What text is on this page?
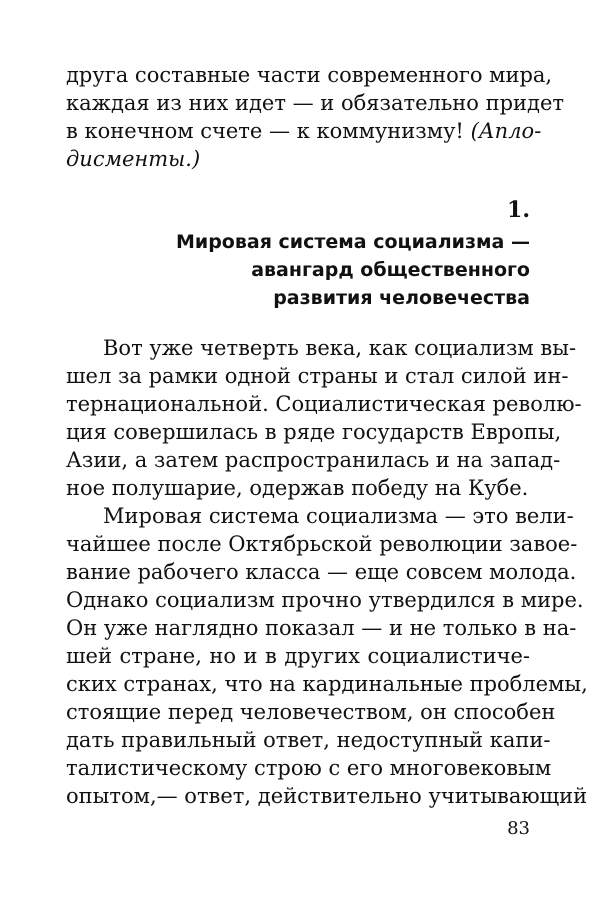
друга составные части современного мира,
каждая из них идет — и обязательно придет
в конечном счете — к коммунизму! (Апло-
дисменты.)
1.
Мировая система социализма —
авангард общественного
развития человечества
Вот уже четверть века, как социализм вы-
шел за рамки одной страны и стал силой ин-
тернациональной. Социалистическая револю-
ция совершилась в ряде государств Европы,
Азии, а затем распространилась и на запад-
ное полушарие, одержав победу на Кубе.
Мировая система социализма — это вели-
чайшее после Октябрьской революции завое-
вание рабочего класса — еще совсем молода.
Однако социализм прочно утвердился в мире.
Он уже наглядно показал — и не только в на-
шей стране, но и в других социалистиче-
ских странах, что на кардинальные проблемы,
стоящие перед человечеством, он способен
дать правильный ответ, недоступный капи-
талистическому строю с его многовековым
опытом,— ответ, действительно учитывающий
83
